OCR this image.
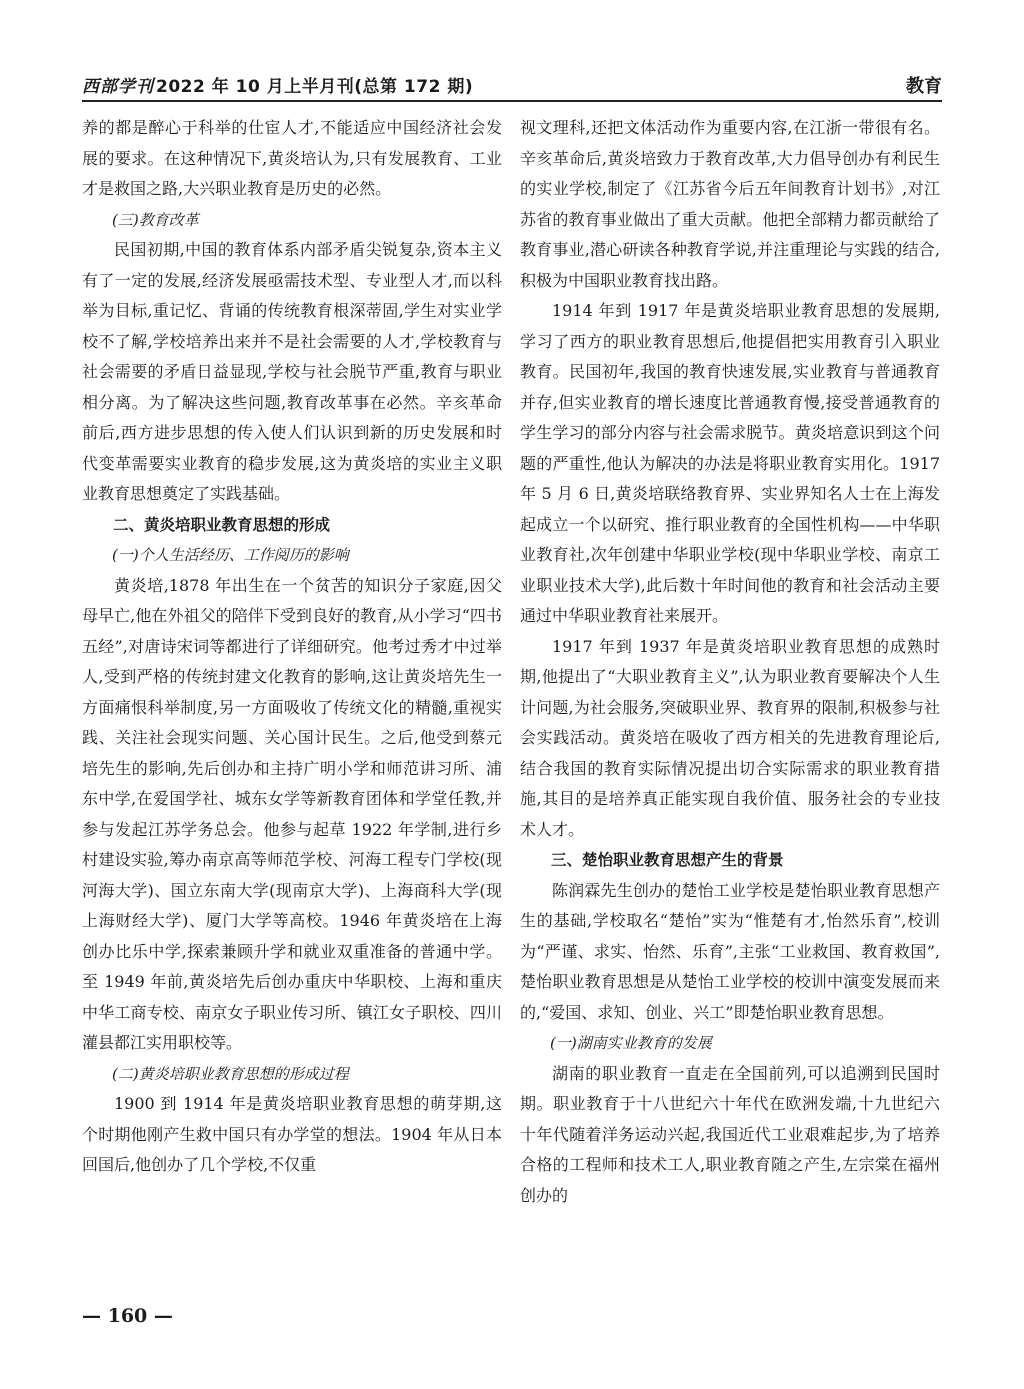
西部学刊 2022 年 10 月上半月刊(总第 172 期)	教育

养的都是醉心于科举的仕宦人才,不能适应中国经济社会发展的要求。在这种情况下,黄炎培认为,只有发展教育、工业才是救国之路,大兴职业教育是历史的必然。

(三)教育改革

民国初期,中国的教育体系内部矛盾尖锐复杂,资本主义有了一定的发展,经济发展亟需技术型、专业型人才,而以科举为目标,重记忆、背诵的传统教育根深蒂固,学生对实业学校不了解,学校培养出来并不是社会需要的人才,学校教育与社会需要的矛盾日益显现,学校与社会脱节严重,教育与职业相分离。为了解决这些问题,教育改革事在必然。辛亥革命前后,西方进步思想的传入使人们认识到新的历史发展和时代变革需要实业教育的稳步发展,这为黄炎培的实业主义职业教育思想奠定了实践基础。

二、黄炎培职业教育思想的形成

(一)个人生活经历、工作阅历的影响

黄炎培,1878 年出生在一个贫苦的知识分子家庭,因父母早亡,他在外祖父的陪伴下受到良好的教育,从小学习“四书五经”,对唐诗宋词等都进行了详细研究。他考过秀才中过举人,受到严格的传统封建文化教育的影响,这让黄炎培先生一方面痛恨科举制度,另一方面吸收了传统文化的精髓,重视实践、关注社会现实问题、关心国计民生。之后,他受到蔡元培先生的影响,先后创办和主持广明小学和师范讲习所、浦东中学,在爱国学社、城东女学等新教育团体和学堂任教,并参与发起江苏学务总会。他参与起草 1922 年学制,进行乡村建设实验,筹办南京高等师范学校、河海工程专门学校(现河海大学)、国立东南大学(现南京大学)、上海商科大学(现上海财经大学)、厦门大学等高校。1946 年黄炎培在上海创办比乐中学,探索兼顾升学和就业双重准备的普通中学。至 1949 年前,黄炎培先后创办重庆中华职校、上海和重庆中华工商专校、南京女子职业传习所、镇江女子职校、四川灌县都江实用职校等。

(二)黄炎培职业教育思想的形成过程

1900 到 1914 年是黄炎培职业教育思想的萌芽期,这个时期他刚产生救中国只有办学堂的想法。1904 年从日本回国后,他创办了几个学校,不仅重

视文理科,还把文体活动作为重要内容,在江浙一带很有名。辛亥革命后,黄炎培致力于教育改革,大力倡导创办有利民生的实业学校,制定了《江苏省今后五年间教育计划书》,对江苏省的教育事业做出了重大贡献。他把全部精力都贡献给了教育事业,潜心研读各种教育学说,并注重理论与实践的结合,积极为中国职业教育找出路。

1914 年到 1917 年是黄炎培职业教育思想的发展期,学习了西方的职业教育思想后,他提倡把实用教育引入职业教育。民国初年,我国的教育快速发展,实业教育与普通教育并存,但实业教育的增长速度比普通教育慢,接受普通教育的学生学习的部分内容与社会需求脱节。黄炎培意识到这个问题的严重性,他认为解决的办法是将职业教育实用化。1917 年 5 月 6 日,黄炎培联络教育界、实业界知名人士在上海发起成立一个以研究、推行职业教育的全国性机构——中华职业教育社,次年创建中华职业学校(现中华职业学校、南京工业职业技术大学),此后数十年时间他的教育和社会活动主要通过中华职业教育社来展开。

1917 年到 1937 年是黄炎培职业教育思想的成熟时期,他提出了“大职业教育主义”,认为职业教育要解决个人生计问题,为社会服务,突破职业界、教育界的限制,积极参与社会实践活动。黄炎培在吸收了西方相关的先进教育理论后,结合我国的教育实际情况提出切合实际需求的职业教育措施,其目的是培养真正能实现自我价值、服务社会的专业技术人才。

三、楚怡职业教育思想产生的背景

陈润霖先生创办的楚怡工业学校是楚怡职业教育思想产生的基础,学校取名“楚怡”实为“惟楚有才,怡然乐育”,校训为“严谨、求实、怡然、乐育”,主张“工业救国、教育救国”,楚怡职业教育思想是从楚怡工业学校的校训中演变发展而来的,“爱国、求知、创业、兴工”即楚怡职业教育思想。

(一)湖南实业教育的发展

湖南的职业教育一直走在全国前列,可以追溯到民国时期。职业教育于十八世纪六十年代在欧洲发端,十九世纪六十年代随着洋务运动兴起,我国近代工业艰难起步,为了培养合格的工程师和技术工人,职业教育随之产生,左宗棠在福州创办的

— 160 —
